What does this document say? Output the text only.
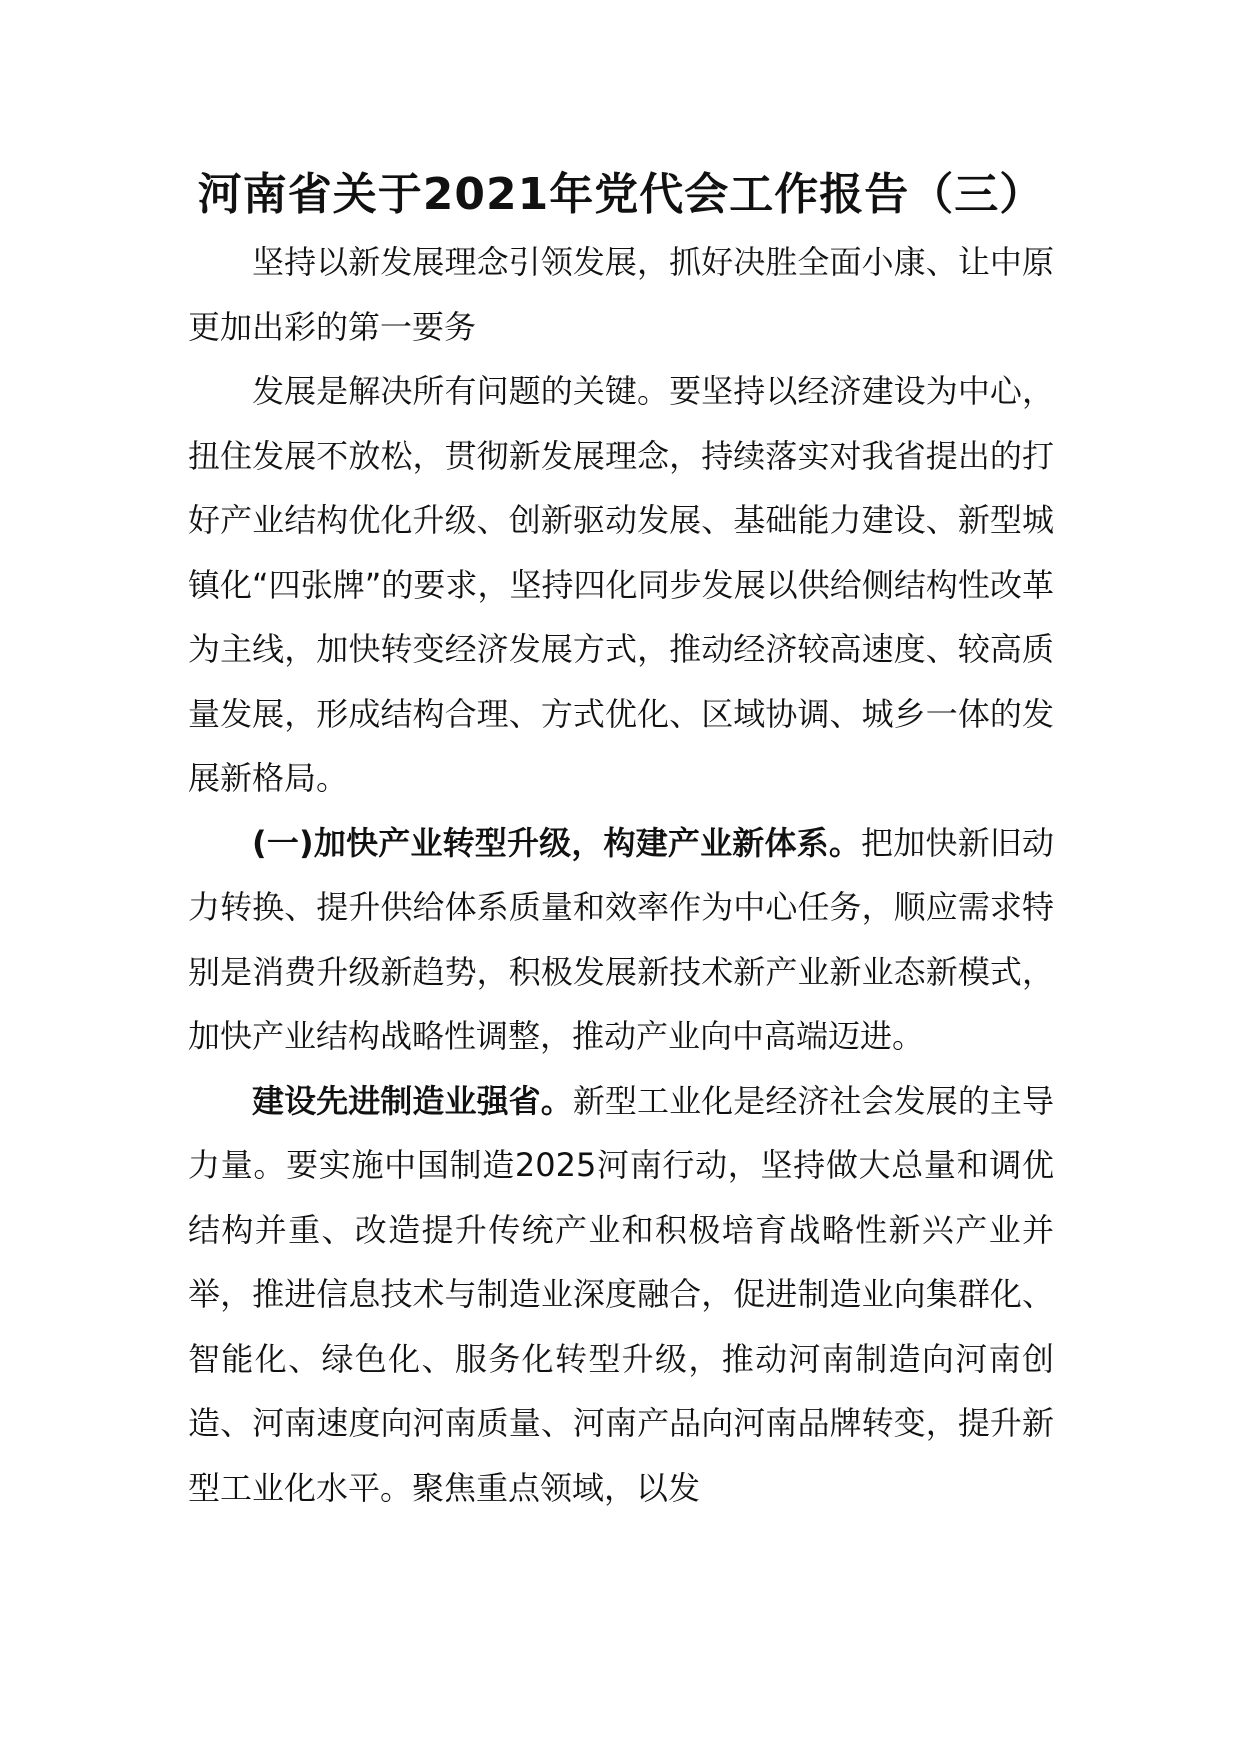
河南省关于2021年党代会工作报告（三）

坚持以新发展理念引领发展，抓好决胜全面小康、让中原更加出彩的第一要务

发展是解决所有问题的关键。要坚持以经济建设为中心，扭住发展不放松，贯彻新发展理念，持续落实对我省提出的打好产业结构优化升级、创新驱动发展、基础能力建设、新型城镇化“四张牌”的要求，坚持四化同步发展以供给侧结构性改革为主线，加快转变经济发展方式，推动经济较高速度、较高质量发展，形成结构合理、方式优化、区域协调、城乡一体的发展新格局。

(一)加快产业转型升级，构建产业新体系。把加快新旧动力转换、提升供给体系质量和效率作为中心任务，顺应需求特别是消费升级新趋势，积极发展新技术新产业新业态新模式，加快产业结构战略性调整，推动产业向中高端迈进。

建设先进制造业强省。新型工业化是经济社会发展的主导力量。要实施中国制造2025河南行动，坚持做大总量和调优结构并重、改造提升传统产业和积极培育战略性新兴产业并举，推进信息技术与制造业深度融合，促进制造业向集群化、智能化、绿色化、服务化转型升级，推动河南制造向河南创造、河南速度向河南质量、河南产品向河南品牌转变，提升新型工业化水平。聚焦重点领域，以发
